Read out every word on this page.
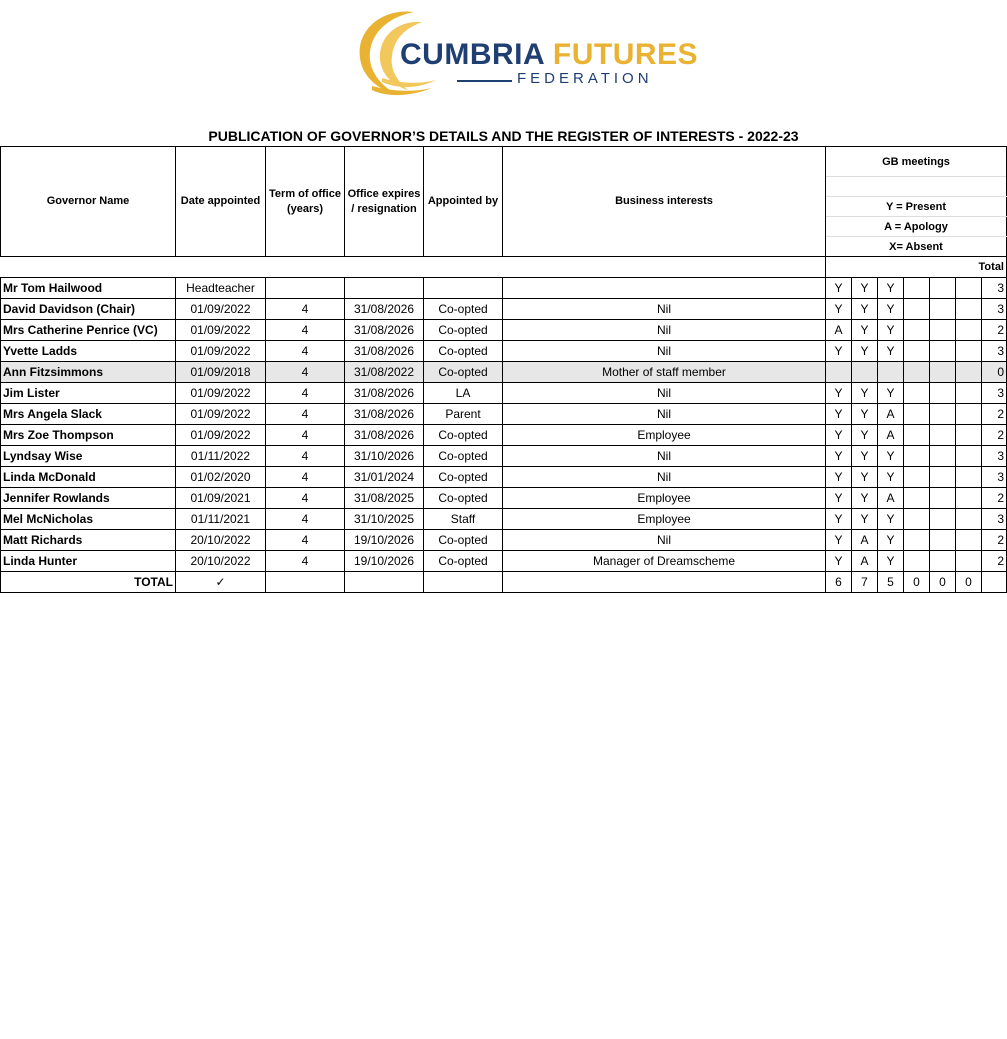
CUMBRIA FUTURES
FEDERATION
PUBLICATION OF GOVERNOR’S DETAILS AND THE REGISTER OF INTERESTS - 2022-23
Governor Name	Date appointed	Term of office (years)	Office expires / resignation	Appointed by	Business interests	GB meetings						

						Y = Present						
						A = Apology						
						X= Absent						
						Total						
Mr Tom Hailwood	Headteacher					Y	Y	Y				3
David Davidson (Chair)	01/09/2022	4	31/08/2026	Co-opted	Nil	Y	Y	Y				3
Mrs Catherine Penrice (VC)	01/09/2022	4	31/08/2026	Co-opted	Nil	A	Y	Y				2
Yvette Ladds	01/09/2022	4	31/08/2026	Co-opted	Nil	Y	Y	Y				3
Ann Fitzsimmons	01/09/2018	4	31/08/2022	Co-opted	Mother of staff member							0
Jim Lister	01/09/2022	4	31/08/2026	LA	Nil	Y	Y	Y				3
Mrs Angela Slack	01/09/2022	4	31/08/2026	Parent	Nil	Y	Y	A				2
Mrs Zoe Thompson	01/09/2022	4	31/08/2026	Co-opted	Employee	Y	Y	A				2
Lyndsay Wise	01/11/2022	4	31/10/2026	Co-opted	Nil	Y	Y	Y				3
Linda McDonald	01/02/2020	4	31/01/2024	Co-opted	Nil	Y	Y	Y				3
Jennifer Rowlands	01/09/2021	4	31/08/2025	Co-opted	Employee	Y	Y	A				2
Mel McNicholas	01/11/2021	4	31/10/2025	Staff	Employee	Y	Y	Y				3
Matt Richards	20/10/2022	4	19/10/2026	Co-opted	Nil	Y	A	Y				2
Linda Hunter	20/10/2022	4	19/10/2026	Co-opted	Manager of Dreamscheme	Y	A	Y				2
TOTAL	✓					6	7	5	0	0	0	
